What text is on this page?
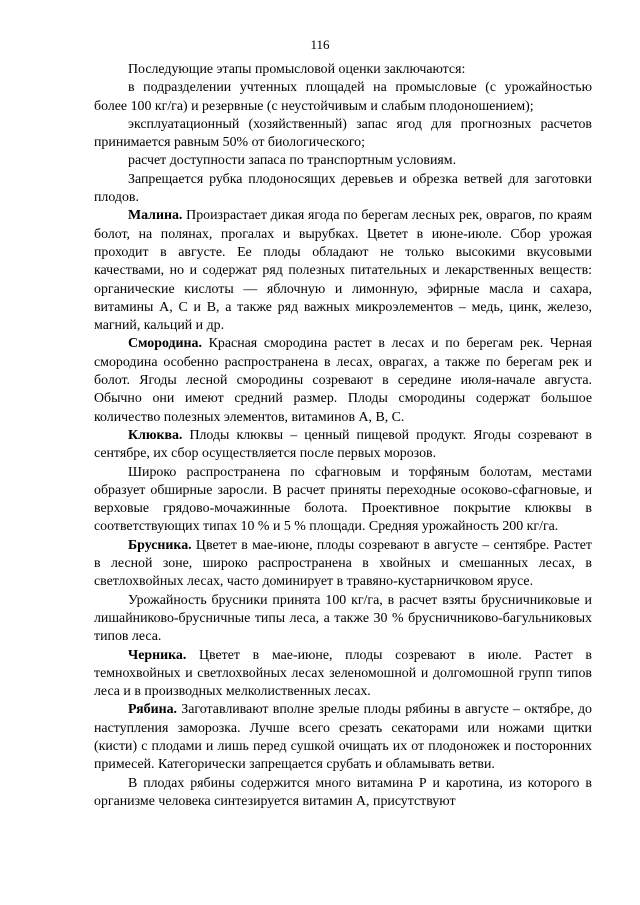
116

Последующие этапы промысловой оценки заключаются:

в подразделении учтенных площадей на промысловые (с урожайностью более 100 кг/га) и резервные (с неустойчивым и слабым плодоношением);

эксплуатационный (хозяйственный) запас ягод для прогнозных расчетов принимается равным 50% от биологического;

расчет доступности запаса по транспортным условиям.

Запрещается рубка плодоносящих деревьев и обрезка ветвей для заготовки плодов.

Малина. Произрастает дикая ягода по берегам лесных рек, оврагов, по краям болот, на полянах, прогалах и вырубках. Цветет в июне-июле. Сбор урожая проходит в августе. Ее плоды обладают не только высокими вкусовыми качествами, но и содержат ряд полезных питательных и лекарственных веществ: органические кислоты — яблочную и лимонную, эфирные масла и сахара, витамины А, С и В, а также ряд важных микроэлементов – медь, цинк, железо, магний, кальций и др.

Смородина. Красная смородина растет в лесах и по берегам рек. Черная смородина особенно распространена в лесах, оврагах, а также по берегам рек и болот. Ягоды лесной смородины созревают в середине июля-начале августа. Обычно они имеют средний размер. Плоды смородины содержат большое количество полезных элементов, витаминов А, В, С.

Клюква. Плоды клюквы – ценный пищевой продукт. Ягоды созревают в сентябре, их сбор осуществляется после первых морозов.

Широко распространена по сфагновым и торфяным болотам, местами образует обширные заросли. В расчет приняты переходные осоково-сфагновые, и верховые грядово-мочажинные болота. Проективное покрытие клюквы в соответствующих типах 10 % и 5 % площади. Средняя урожайность 200 кг/га.

Брусника. Цветет в мае-июне, плоды созревают в августе – сентябре. Растет в лесной зоне, широко распространена в хвойных и смешанных лесах, в светлохвойных лесах, часто доминирует в травяно-кустарничковом ярусе.

Урожайность брусники принята 100 кг/га, в расчет взяты брусничниковые и лишайниково-брусничные типы леса, а также 30 % брусничниково-багульниковых типов леса.

Черника. Цветет в мае-июне, плоды созревают в июле. Растет в темнохвойных и светлохвойных лесах зеленомошной и долгомошной групп типов леса и в производных мелколиственных лесах.

Рябина. Заготавливают вполне зрелые плоды рябины в августе – октябре, до наступления заморозка. Лучше всего срезать секаторами или ножами щитки (кисти) с плодами и лишь перед сушкой очищать их от плодоножек и посторонних примесей. Категорически запрещается срубать и обламывать ветви.

В плодах рябины содержится много витамина Р и каротина, из которого в организме человека синтезируется витамин А, присутствуют
